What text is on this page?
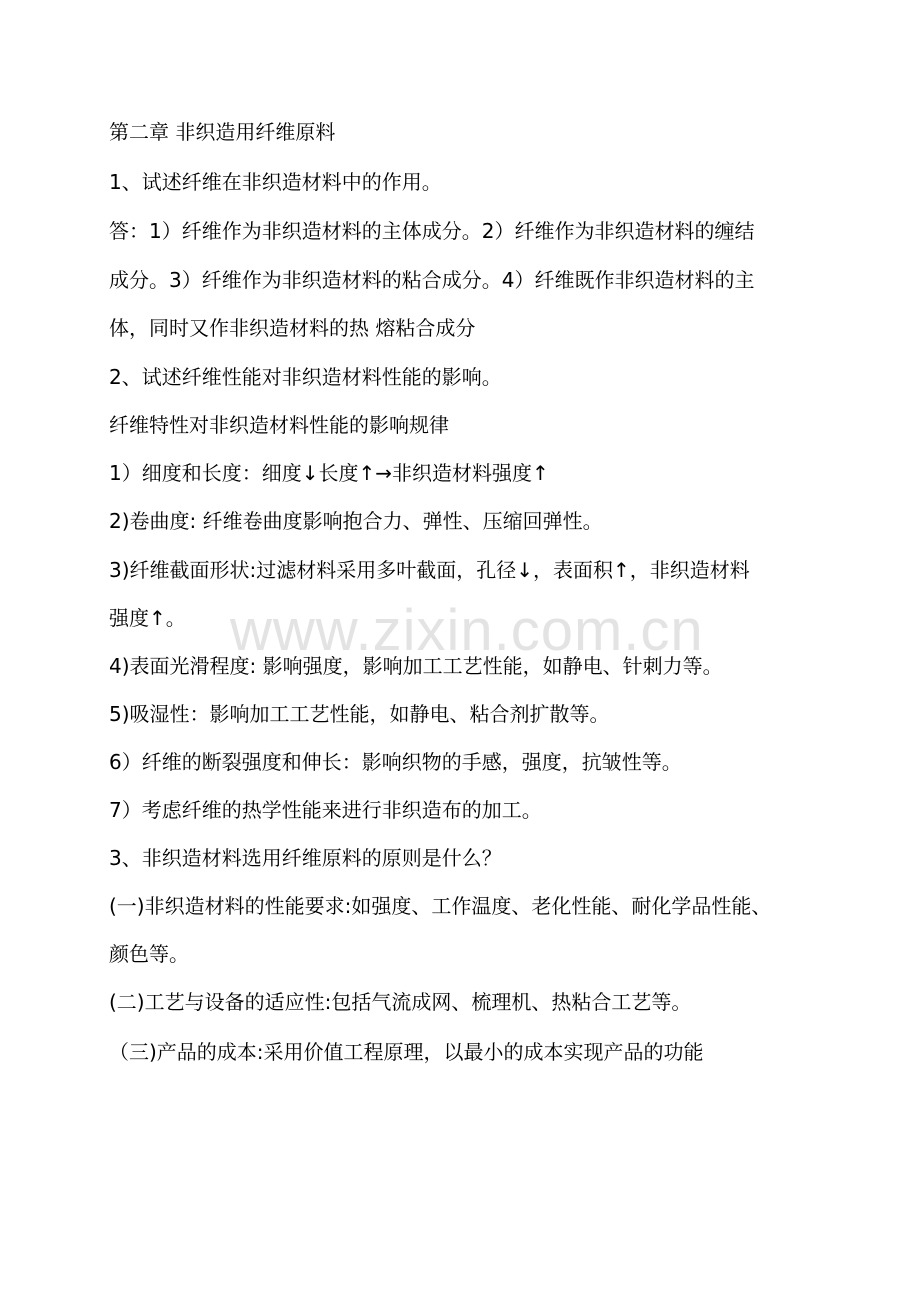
第二章 非织造用纤维原料
1、试述纤维在非织造材料中的作用。
答：1）纤维作为非织造材料的主体成分。2）纤维作为非织造材料的缠结
成分。3）纤维作为非织造材料的粘合成分。4）纤维既作非织造材料的主
体，同时又作非织造材料的热 熔粘合成分
2、试述纤维性能对非织造材料性能的影响。
纤维特性对非织造材料性能的影响规律
1）细度和长度：细度↓长度↑→非织造材料强度↑
2)卷曲度: 纤维卷曲度影响抱合力、弹性、压缩回弹性。
3)纤维截面形状:过滤材料采用多叶截面，孔径↓，表面积↑，非织造材料
强度↑。
4)表面光滑程度: 影响强度，影响加工工艺性能，如静电、针刺力等。
5)吸湿性：影响加工工艺性能，如静电、粘合剂扩散等。
6）纤维的断裂强度和伸长：影响织物的手感，强度，抗皱性等。
7）考虑纤维的热学性能来进行非织造布的加工。
3、非织造材料选用纤维原料的原则是什么？
(一)非织造材料的性能要求:如强度、工作温度、老化性能、耐化学品性能、
颜色等。
(二)工艺与设备的适应性:包括气流成网、梳理机、热粘合工艺等。
（三)产品的成本:采用价值工程原理，以最小的成本实现产品的功能
www.zixin.com.cn
